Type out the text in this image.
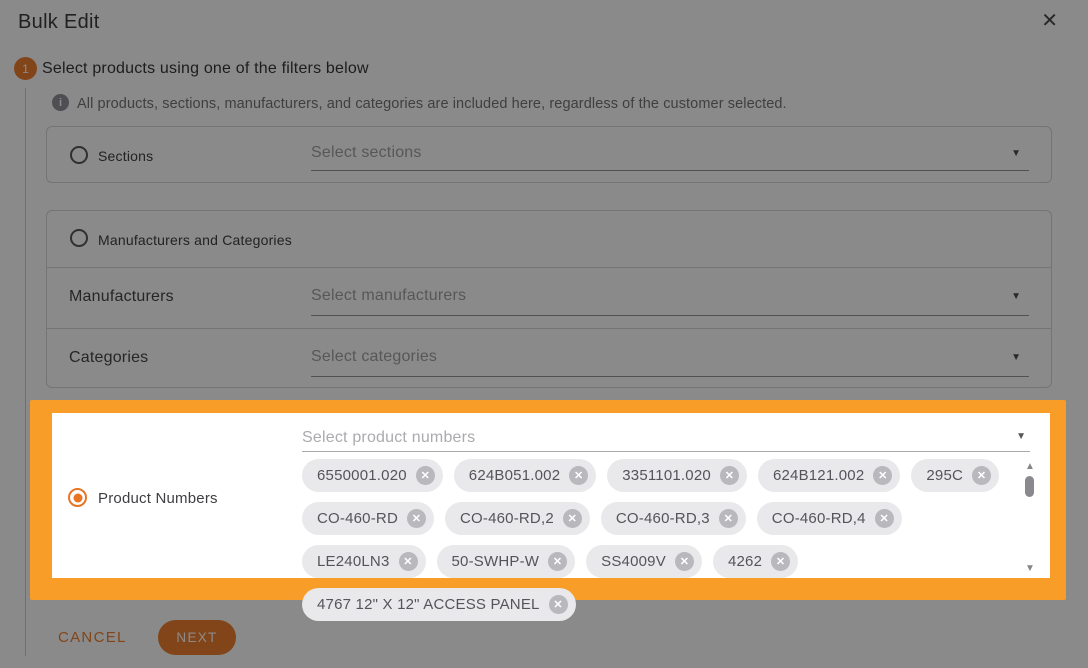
Bulk Edit	✕
1 Select products using one of the filters below
i	All products, sections, manufacturers, and categories are included here, regardless of the customer selected.
Sections	Select sections	▼
Manufacturers and Categories
Manufacturers	Select manufacturers	▼
Categories	Select categories	▼
Product Numbers
Select product numbers	▼
6550001.020	✕	624B051.002	✕	3351101.020	✕	624B121.002	✕	295C	✕
CO-460-RD	✕	CO-460-RD,2	✕	CO-460-RD,3	✕	CO-460-RD,4	✕
LE240LN3	✕	50-SWHP-W	✕	SS4009V	✕	4262	✕
4767 12" X 12" ACCESS PANEL	✕
▲
▼
CANCEL	NEXT
